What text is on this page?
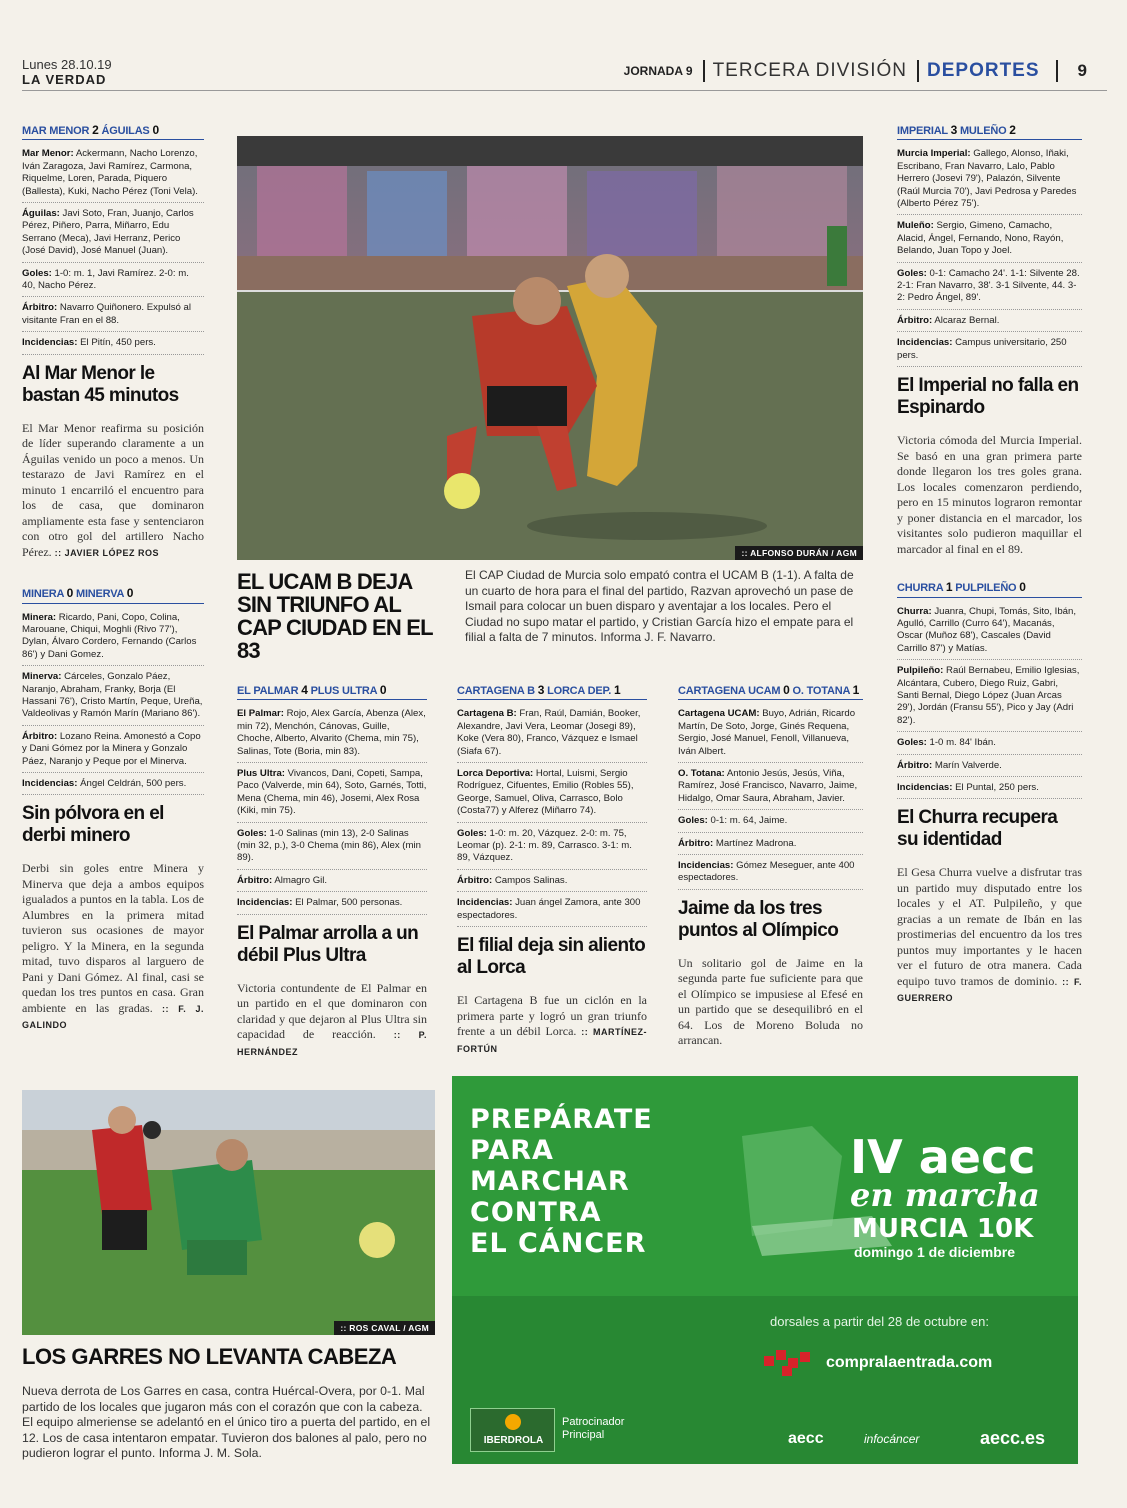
Lunes 28.10.19
LA VERDAD
JORNADA 9	TERCERA DIVISIÓN	DEPORTES	9
MAR MENOR 2 ÁGUILAS 0
Mar Menor: Ackermann, Nacho Lorenzo, Iván Zaragoza, Javi Ramírez, Carmona, Riquelme, Loren, Parada, Piquero (Ballesta), Kuki, Nacho Pérez (Toni Vela).
Águilas: Javi Soto, Fran, Juanjo, Carlos Pérez, Piñero, Parra, Miñarro, Edu Serrano (Meca), Javi Herranz, Perico (José David), José Manuel (Juan).
Goles: 1-0: m. 1, Javi Ramírez. 2-0: m. 40, Nacho Pérez.
Árbitro: Navarro Quiñonero. Expulsó al visitante Fran en el 88.
Incidencias: El Pitín, 450 pers.
Al Mar Menor le bastan 45 minutos
El Mar Menor reafirma su posición de líder superando claramente a un Águilas venido un poco a menos. Un testarazo de Javi Ramírez en el minuto 1 encarriló el encuentro para los de casa, que dominaron ampliamente esta fase y sentenciaron con otro gol del artillero Nacho Pérez. :: JAVIER LÓPEZ ROS
MINERA 0 MINERVA 0
Minera: Ricardo, Pani, Copo, Colina, Marouane, Chiqui, Moghli (Rivo 77'), Dylan, Álvaro Cordero, Fernando (Carlos 86') y Dani Gomez.
Minerva: Cárceles, Gonzalo Páez, Naranjo, Abraham, Franky, Borja (El Hassani 76'), Cristo Martín, Peque, Ureña, Valdeolivas y Ramón Marín (Mariano 86').
Árbitro: Lozano Reina. Amonestó a Copo y Dani Gómez por la Minera y Gonzalo Páez, Naranjo y Peque por el Minerva.
Incidencias: Ángel Celdrán, 500 pers.
Sin pólvora en el derbi minero
Derbi sin goles entre Minera y Minerva que deja a ambos equipos igualados a puntos en la tabla. Los de Alumbres en la primera mitad tuvieron sus ocasiones de mayor peligro. Y la Minera, en la segunda mitad, tuvo disparos al larguero de Pani y Dani Gómez. Al final, casi se quedan los tres puntos en casa. Gran ambiente en las gradas. :: F. J. GALINDO
:: ALFONSO DURÁN / AGM
EL UCAM B DEJA SIN TRIUNFO AL CAP CIUDAD EN EL 83
El CAP Ciudad de Murcia solo empató contra el UCAM B (1-1). A falta de un cuarto de hora para el final del partido, Razvan aprovechó un pase de Ismail para colocar un buen disparo y aventajar a los locales. Pero el Ciudad no supo matar el partido, y Cristian García hizo el empate para el filial a falta de 7 minutos. Informa J. F. Navarro.
EL PALMAR 4 PLUS ULTRA 0
El Palmar: Rojo, Alex García, Abenza (Alex, min 72), Menchón, Cánovas, Guille, Choche, Alberto, Alvarito (Chema, min 75), Salinas, Tote (Boria, min 83).
Plus Ultra: Vivancos, Dani, Copeti, Sampa, Paco (Valverde, min 64), Soto, Garnés, Totti, Mena (Chema, min 46), Josemi, Alex Rosa (Kiki, min 75).
Goles: 1-0 Salinas (min 13), 2-0 Salinas (min 32, p.), 3-0 Chema (min 86), Alex (min 89).
Árbitro: Almagro Gil.
Incidencias: El Palmar, 500 personas.
El Palmar arrolla a un débil Plus Ultra
Victoria contundente de El Palmar en un partido en el que dominaron con claridad y que dejaron al Plus Ultra sin capacidad de reacción. :: P. HERNÁNDEZ
CARTAGENA B 3 LORCA DEP. 1
Cartagena B: Fran, Raúl, Damián, Booker, Alexandre, Javi Vera, Leomar (Josegi 89), Koke (Vera 80), Franco, Vázquez e Ismael (Siafa 67).
Lorca Deportiva: Hortal, Luismi, Sergio Rodríguez, Cifuentes, Emilio (Robles 55), George, Samuel, Oliva, Carrasco, Bolo (Costa77) y Alferez (Miñarro 74).
Goles: 1-0: m. 20, Vázquez. 2-0: m. 75, Leomar (p). 2-1: m. 89, Carrasco. 3-1: m. 89, Vázquez.
Árbitro: Campos Salinas.
Incidencias: Juan ángel Zamora, ante 300 espectadores.
El filial deja sin aliento al Lorca
El Cartagena B fue un ciclón en la primera parte y logró un gran triunfo frente a un débil Lorca. :: MARTÍNEZ-FORTÚN
CARTAGENA UCAM 0 O. TOTANA 1
Cartagena UCAM: Buyo, Adrián, Ricardo Martín, De Soto, Jorge, Ginés Requena, Sergio, José Manuel, Fenoll, Villanueva, Iván Albert.
O. Totana: Antonio Jesús, Jesús, Viña, Ramírez, José Francisco, Navarro, Jaime, Hidalgo, Omar Saura, Abraham, Javier.
Goles: 0-1: m. 64, Jaime.
Árbitro: Martínez Madrona.
Incidencias: Gómez Meseguer, ante 400 espectadores.
Jaime da los tres puntos al Olímpico
Un solitario gol de Jaime en la segunda parte fue suficiente para que el Olímpico se impusiese al Efesé en un partido que se desequilibró en el 64. Los de Moreno Boluda no arrancan.
IMPERIAL 3 MULEÑO 2
Murcia Imperial: Gallego, Alonso, Iñaki, Escribano, Fran Navarro, Lalo, Pablo Herrero (Josevi 79'), Palazón, Silvente (Raúl Murcia 70'), Javi Pedrosa y Paredes (Alberto Pérez 75').
Muleño: Sergio, Gimeno, Camacho, Alacid, Ángel, Fernando, Nono, Rayón, Belando, Juan Topo y Joel.
Goles: 0-1: Camacho 24'. 1-1: Silvente 28. 2-1: Fran Navarro, 38'. 3-1 Silvente, 44. 3-2: Pedro Ángel, 89'.
Árbitro: Alcaraz Bernal.
Incidencias: Campus universitario, 250 pers.
El Imperial no falla en Espinardo
Victoria cómoda del Murcia Imperial. Se basó en una gran primera parte donde llegaron los tres goles grana. Los locales comenzaron perdiendo, pero en 15 minutos lograron remontar y poner distancia en el marcador, los visitantes solo pudieron maquillar el marcador al final en el 89.
CHURRA 1 PULPILEÑO 0
Churra: Juanra, Chupi, Tomás, Sito, Ibán, Agulló, Carrillo (Curro 64'), Macanás, Oscar (Muñoz 68'), Cascales (David Carrillo 87') y Matías.
Pulpileño: Raúl Bernabeu, Emilio Iglesias, Alcántara, Cubero, Diego Ruiz, Gabri, Santi Bernal, Diego López (Juan Arcas 29'), Jordán (Fransu 55'), Pico y Jay (Adri 82').
Goles: 1-0 m. 84' Ibán.
Árbitro: Marín Valverde.
Incidencias: El Puntal, 250 pers.
El Churra recupera su identidad
El Gesa Churra vuelve a disfrutar tras un partido muy disputado entre los locales y el AT. Pulpileño, y que gracias a un remate de Ibán en las prostimerias del encuentro da los tres puntos muy importantes y le hacen ver el futuro de otra manera. Cada equipo tuvo tramos de dominio. :: F. GUERRERO
:: ROS CAVAL / AGM
LOS GARRES NO LEVANTA CABEZA
Nueva derrota de Los Garres en casa, contra Huércal-Overa, por 0-1. Mal partido de los locales que jugaron más con el corazón que con la cabeza. El equipo almeriense se adelantó en el único tiro a puerta del partido, en el 12. Los de casa intentaron empatar. Tuvieron dos balones al palo, pero no pudieron lograr el punto. Informa J. M. Sola.
PREPÁRATE
PARA
MARCHAR
CONTRA
EL CÁNCER
IV aecc
en marcha
MURCIA 10K
domingo 1 de diciembre
dorsales a partir del 28 de octubre en:
compralaentrada.com
IBERDROLA
Patrocinador
Principal	aecc	infocáncer	aecc.es
